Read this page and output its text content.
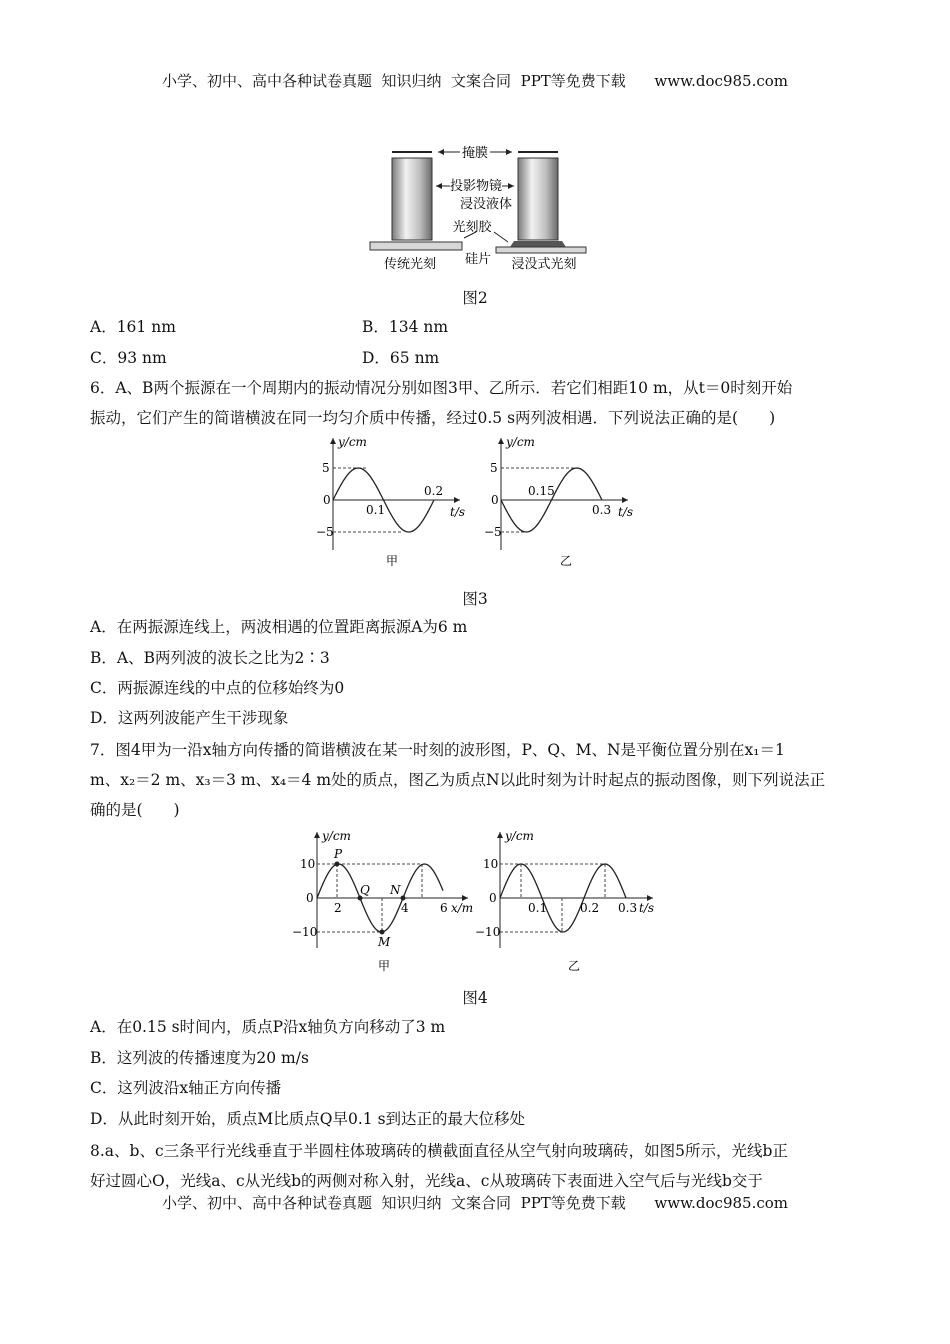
小学、初中、高中各种试卷真题  知识归纳  文案合同  PPT等免费下载 www.doc985.com
掩膜
投影物镜
浸没液体
光刻胶
硅片
传统光刻	浸没式光刻
图2
A．161 nm	B．134 nm
C．93 nm	D．65 nm
6．A、B两个振源在一个周期内的振动情况分别如图3甲、乙所示．若它们相距10 m，从t＝0时刻开始
振动，它们产生的简谐横波在同一均匀介质中传播，经过0.5 s两列波相遇．下列说法正确的是(　　)
y/cm
5
0
−5
0.1
0.2
t/s
甲
y/cm
5
0
−5
0.15
0.3 t/s
乙
图3
A．在两振源连线上，两波相遇的位置距离振源A为6 m
B．A、B两列波的波长之比为2∶3
C．两振源连线的中点的位移始终为0
D．这两列波能产生干涉现象
7．图4甲为一沿x轴方向传播的简谐横波在某一时刻的波形图，P、Q、M、N是平衡位置分别在x₁＝1
m、x₂＝2 m、x₃＝3 m、x₄＝4 m处的质点，图乙为质点N以此时刻为计时起点的振动图像，则下列说法正
确的是(　　)
y/cm
10
0
−10
2	4	6 x/m
P
Q N
M
甲
y/cm
10
0
−10
0.1	0.2 0.3 t/s
乙
图4
A．在0.15 s时间内，质点P沿x轴负方向移动了3 m
B．这列波的传播速度为20 m/s
C．这列波沿x轴正方向传播
D．从此时刻开始，质点M比质点Q早0.1 s到达正的最大位移处
8.a、b、c三条平行光线垂直于半圆柱体玻璃砖的横截面直径从空气射向玻璃砖，如图5所示，光线b正
好过圆心O，光线a、c从光线b的两侧对称入射，光线a、c从玻璃砖下表面进入空气后与光线b交于
小学、初中、高中各种试卷真题  知识归纳  文案合同  PPT等免费下载 www.doc985.com
